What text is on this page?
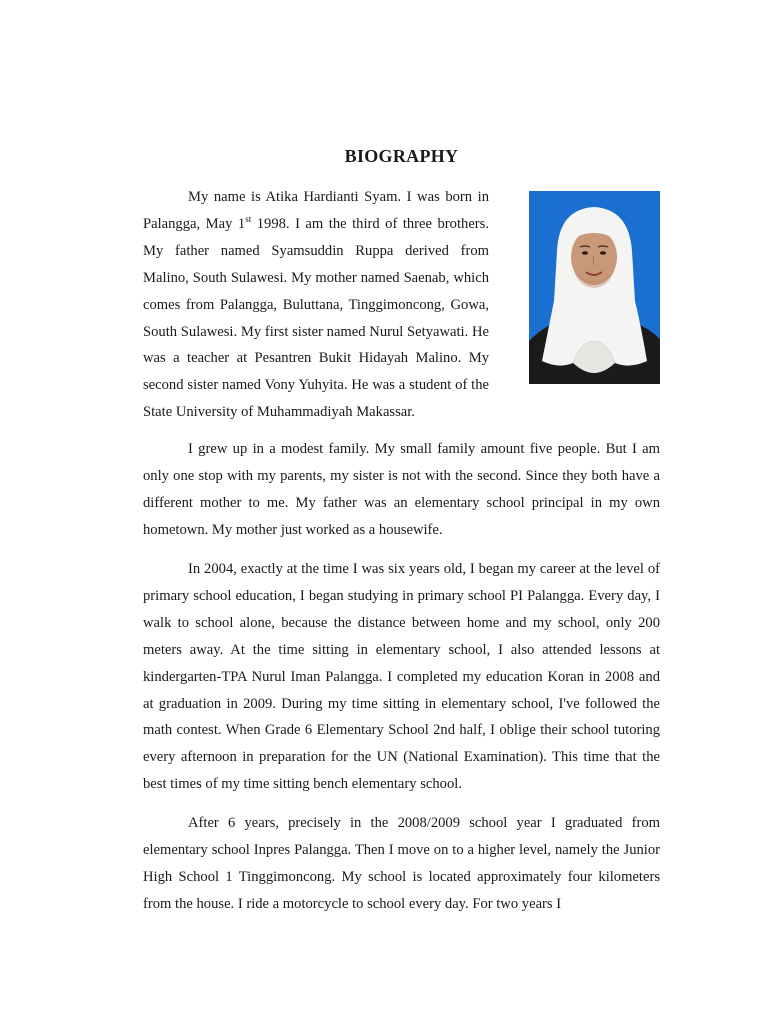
BIOGRAPHY
My name is Atika Hardianti Syam. I was born in Palangga, May 1st 1998. I am the third of three brothers. My father named Syamsuddin Ruppa derived from Malino, South Sulawesi. My mother named Saenab, which comes from Palangga, Buluttana, Tinggimoncong, Gowa, South Sulawesi. My first sister named Nurul Setyawati. He was a teacher at Pesantren Bukit Hidayah Malino. My second sister named Vony Yuhyita. He was a student of the State University of Muhammadiyah Makassar.

I grew up in a modest family. My small family amount five people. But I am only one stop with my parents, my sister is not with the second. Since they both have a different mother to me. My father was an elementary school principal in my own hometown. My mother just worked as a housewife.

In 2004, exactly at the time I was six years old, I began my career at the level of primary school education, I began studying in primary school PI Palangga. Every day, I walk to school alone, because the distance between home and my school, only 200 meters away. At the time sitting in elementary school, I also attended lessons at kindergarten-TPA Nurul Iman Palangga. I completed my education Koran in 2008 and at graduation in 2009. During my time sitting in elementary school, I've followed the math contest. When Grade 6 Elementary School 2nd half, I oblige their school tutoring every afternoon in preparation for the UN (National Examination). This time that the best times of my time sitting bench elementary school.

After 6 years, precisely in the 2008/2009 school year I graduated from elementary school Inpres Palangga. Then I move on to a higher level, namely the Junior High School 1 Tinggimoncong. My school is located approximately four kilometers from the house. I ride a motorcycle to school every day. For two years I
